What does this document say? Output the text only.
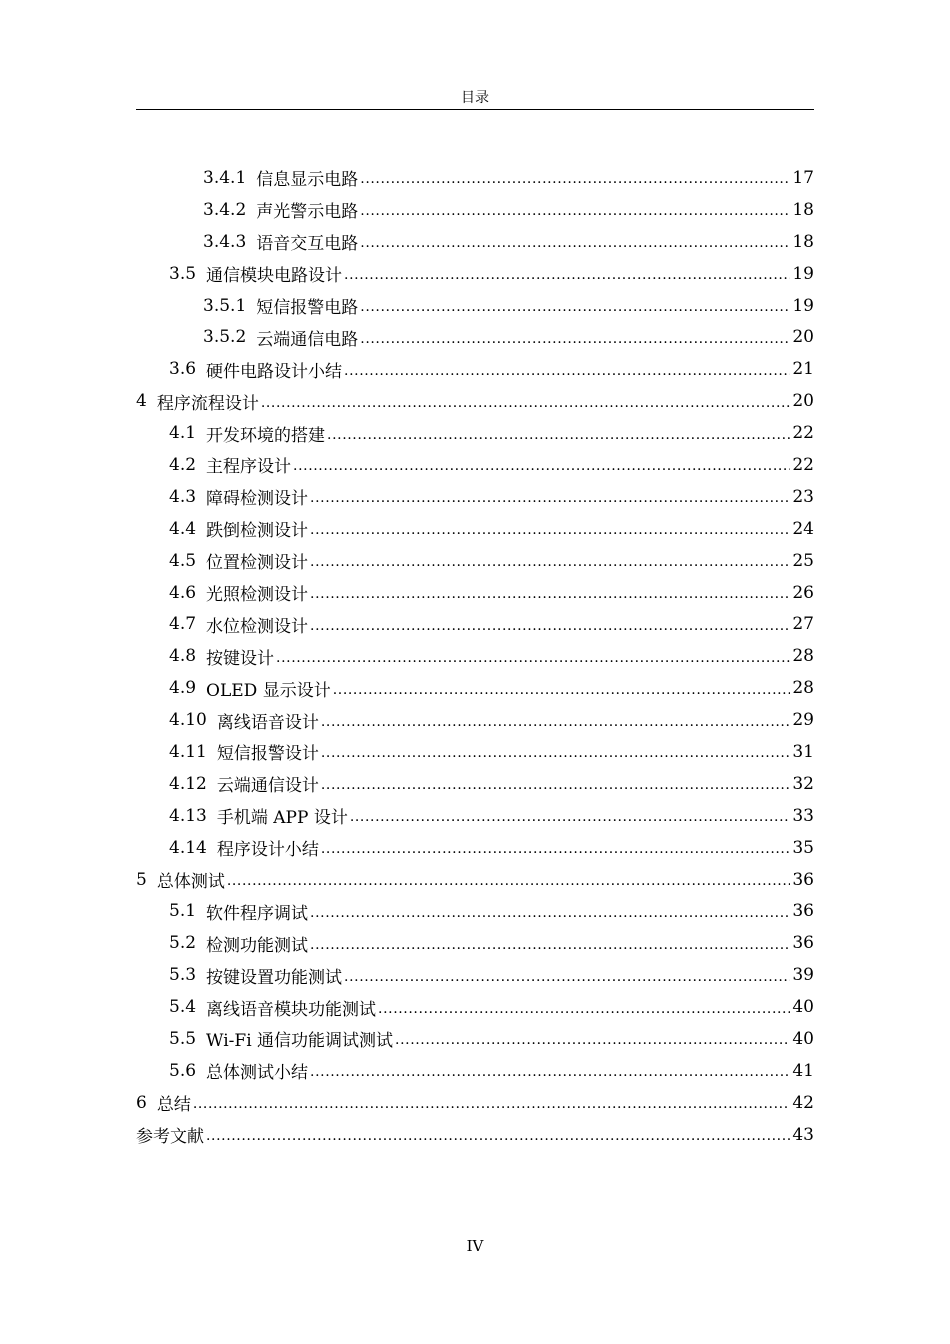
目录
3.4.1 信息显示电路 .....	17
3.4.2 声光警示电路 .....	18
3.4.3 语音交互电路 .....	18
3.5 通信模块电路设计 .....	19
3.5.1 短信报警电路 .....	19
3.5.2 云端通信电路 .....	20
3.6 硬件电路设计小结 .....	21
4 程序流程设计 .....	20
4.1 开发环境的搭建 .....	22
4.2 主程序设计 .....	22
4.3 障碍检测设计 .....	23
4.4 跌倒检测设计 .....	24
4.5 位置检测设计 .....	25
4.6 光照检测设计 .....	26
4.7 水位检测设计 .....	27
4.8 按键设计 .....	28
4.9 OLED 显示设计 .....	28
4.10 离线语音设计 .....	29
4.11 短信报警设计 .....	31
4.12 云端通信设计 .....	32
4.13 手机端 APP 设计 .....	33
4.14 程序设计小结 .....	35
5 总体测试 .....	36
5.1 软件程序调试 .....	36
5.2 检测功能测试 .....	36
5.3 按键设置功能测试 .....	39
5.4 离线语音模块功能测试 .....	40
5.5 Wi-Fi 通信功能调试测试 .....	40
5.6 总体测试小结 .....	41
6 总结 .....	42
参考文献 .....	43
IV
